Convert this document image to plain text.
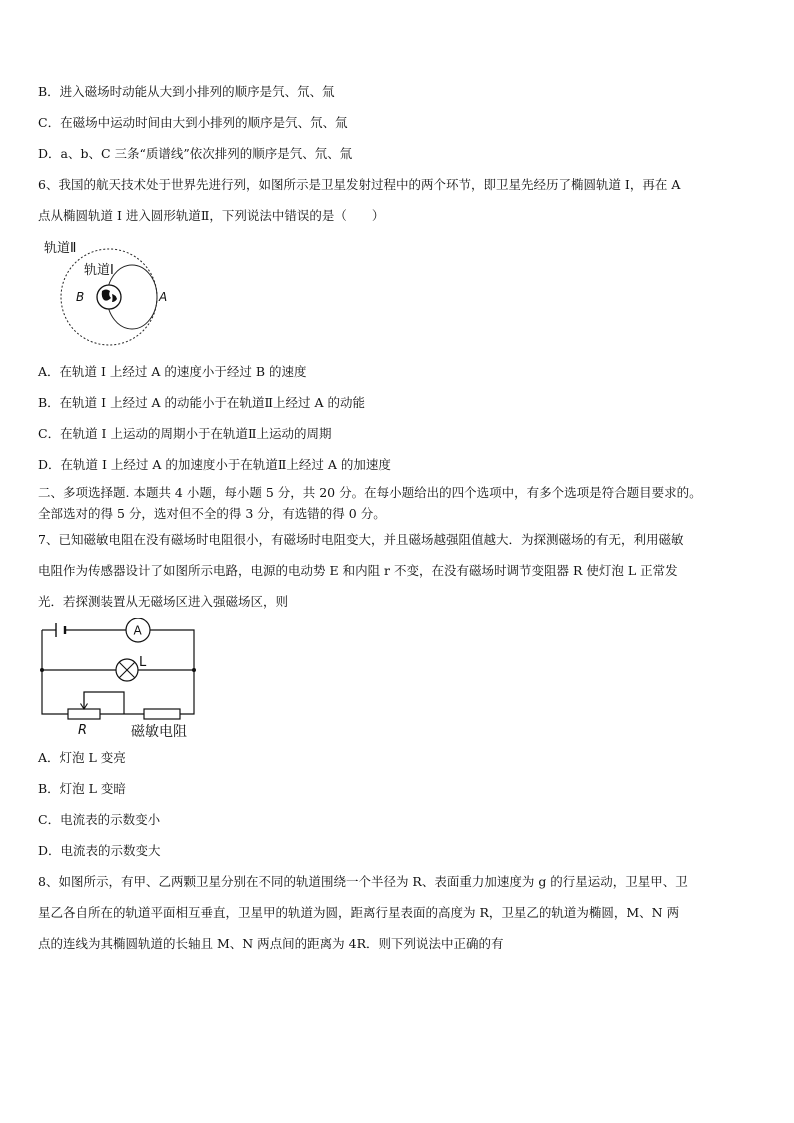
B．进入磁场时动能从大到小排列的顺序是氕、氘、氚
C．在磁场中运动时间由大到小排列的顺序是氕、氘、氚
D．a、b、C 三条“质谱线”依次排列的顺序是氕、氘、氚
6、我国的航天技术处于世界先进行列，如图所示是卫星发射过程中的两个环节，即卫星先经历了椭圆轨道 I，再在 A
点从椭圆轨道 I 进入圆形轨道Ⅱ，下列说法中错误的是（　　）
轨道Ⅱ
轨道Ⅰ
B	A
A．在轨道 I 上经过 A 的速度小于经过 B 的速度
B．在轨道 I 上经过 A 的动能小于在轨道Ⅱ上经过 A 的动能
C．在轨道 I 上运动的周期小于在轨道Ⅱ上运动的周期
D．在轨道 I 上经过 A 的加速度小于在轨道Ⅱ上经过 A 的加速度
二、多项选择题. 本题共 4 小题，每小题 5 分，共 20 分。在每小题给出的四个选项中，有多个选项是符合题目要求的。
全部选对的得 5 分，选对但不全的得 3 分，有选错的得 0 分。
7、已知磁敏电阻在没有磁场时电阻很小，有磁场时电阻变大，并且磁场越强阻值越大．为探测磁场的有无，利用磁敏
电阻作为传感器设计了如图所示电路，电源的电动势 E 和内阻 r 不变，在没有磁场时调节变阻器 R 使灯泡 L 正常发
光．若探测装置从无磁场区进入强磁场区，则
A
L
R	磁敏电阻
A．灯泡 L 变亮
B．灯泡 L 变暗
C．电流表的示数变小
D．电流表的示数变大
8、如图所示，有甲、乙两颗卫星分别在不同的轨道围绕一个半径为 R、表面重力加速度为 g 的行星运动，卫星甲、卫
星乙各自所在的轨道平面相互垂直，卫星甲的轨道为圆，距离行星表面的高度为 R，卫星乙的轨道为椭圆，M、N 两
点的连线为其椭圆轨道的长轴且 M、N 两点间的距离为 4R．则下列说法中正确的有
